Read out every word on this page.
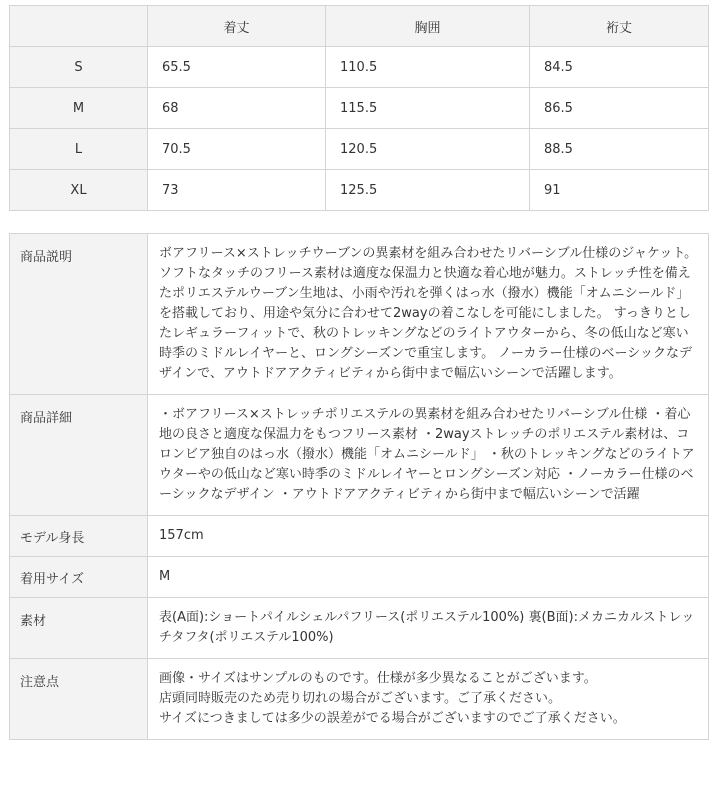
	着丈	胸囲	裄丈
S	65.5	110.5	84.5
M	68	115.5	86.5
L	70.5	120.5	88.5
XL	73	125.5	91
商品説明	ボアフリース×ストレッチウーブンの異素材を組み合わせたリバーシブル仕様のジャケット。 ソフトなタッチのフリース素材は適度な保温力と快適な着心地が魅力。ストレッチ性を備えたポリエステルウーブン生地は、小雨や汚れを弾くはっ水（撥水）機能「オムニシールド」を搭載しており、用途や気分に合わせて2wayの着こなしを可能にしました。 すっきりとしたレギュラーフィットで、秋のトレッキングなどのライトアウターから、冬の低山など寒い時季のミドルレイヤーと、ロングシーズンで重宝します。 ノーカラー仕様のベーシックなデザインで、アウトドアアクティビティから街中まで幅広いシーンで活躍します。
商品詳細	・ボアフリース×ストレッチポリエステルの異素材を組み合わせたリバーシブル仕様 ・着心地の良さと適度な保温力をもつフリース素材 ・2wayストレッチのポリエステル素材は、コロンビア独自のはっ水（撥水）機能「オムニシールド」 ・秋のトレッキングなどのライトアウターやの低山など寒い時季のミドルレイヤーとロングシーズン対応 ・ノーカラー仕様のベーシックなデザイン ・アウトドアアクティビティから街中まで幅広いシーンで活躍
モデル身長	157cm
着用サイズ	M
素材	表(A面):ショートパイルシェルパフリース(ポリエステル100%) 裏(B面):メカニカルストレッチタフタ(ポリエステル100%)
注意点	画像・サイズはサンプルのものです。仕様が多少異なることがございます。
店頭同時販売のため売り切れの場合がございます。ご了承ください。
サイズにつきましては多少の誤差がでる場合がございますのでご了承ください。
